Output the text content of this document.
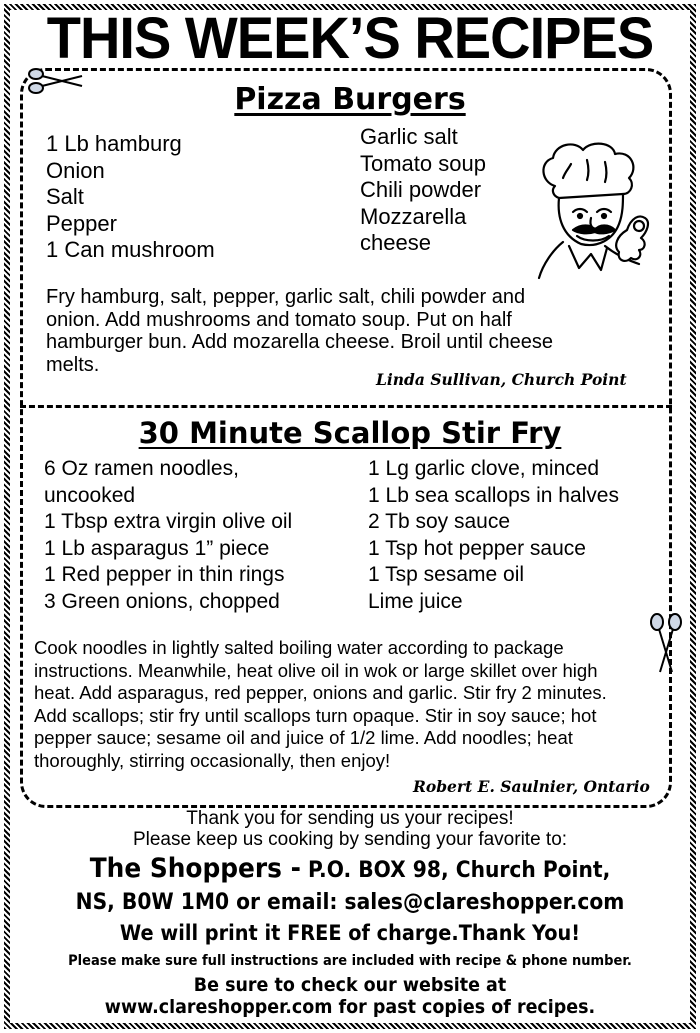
THIS WEEK’S RECIPES
Pizza Burgers
1 Lb hamburg
Onion
Salt
Pepper
1 Can mushroom
Garlic salt
Tomato soup
Chili powder
Mozzarella
cheese
Fry hamburg, salt, pepper, garlic salt, chili powder and
onion. Add mushrooms and tomato soup. Put on half
hamburger bun. Add mozarella cheese. Broil until cheese
melts.
Linda Sullivan, Church Point
30 Minute Scallop Stir Fry
6 Oz ramen noodles,
uncooked
1 Tbsp extra virgin olive oil
1 Lb asparagus 1” piece
1 Red pepper in thin rings
3 Green onions, chopped
1 Lg garlic clove, minced
1 Lb sea scallops in halves
2 Tb soy sauce
1 Tsp hot pepper sauce
1 Tsp sesame oil
Lime juice
Cook noodles in lightly salted boiling water according to package
instructions. Meanwhile, heat olive oil in wok or large skillet over high
heat. Add asparagus, red pepper, onions and garlic. Stir fry 2 minutes.
Add scallops; stir fry until scallops turn opaque. Stir in soy sauce; hot
pepper sauce; sesame oil and juice of 1/2 lime. Add noodles; heat
thoroughly, stirring occasionally, then enjoy!
Robert E. Saulnier, Ontario
Thank you for sending us your recipes!
Please keep us cooking by sending your favorite to:
The Shoppers - P.O. BOX 98, Church Point,
NS, B0W 1M0 or email: sales@clareshopper.com
We will print it FREE of charge.Thank You!
Please make sure full instructions are included with recipe & phone number.
Be sure to check our website at
www.clareshopper.com for past copies of recipes.
